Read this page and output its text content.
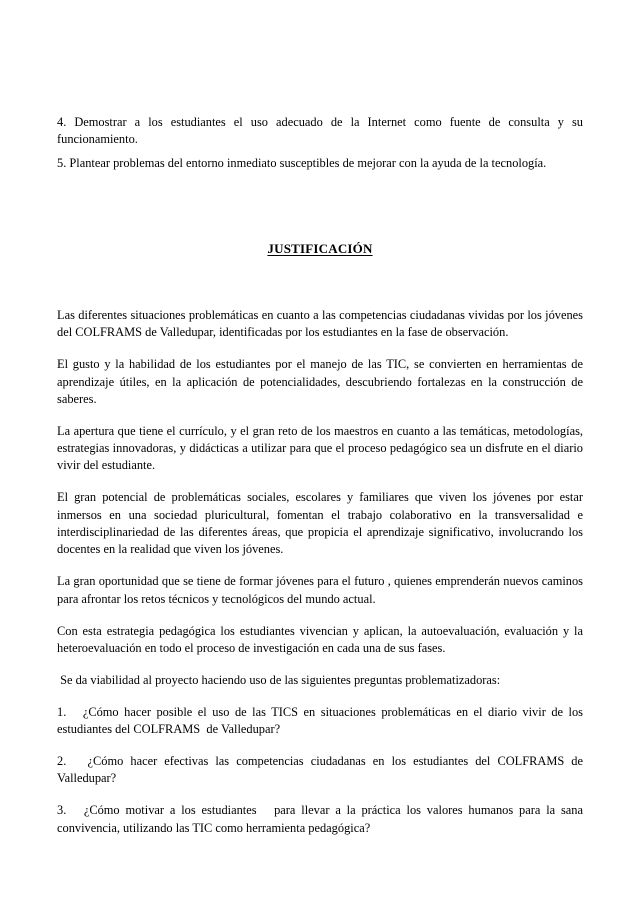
4. Demostrar a los estudiantes el uso adecuado de la Internet como fuente de consulta y su funcionamiento.

5. Plantear problemas del entorno inmediato susceptibles de mejorar con la ayuda de la tecnología.

JUSTIFICACIÓN

Las diferentes situaciones problemáticas en cuanto a las competencias ciudadanas vividas por los jóvenes del COLFRAMS de Valledupar, identificadas por los estudiantes en la fase de observación.

El gusto y la habilidad de los estudiantes por el manejo de las TIC, se convierten en herramientas de aprendizaje útiles, en la aplicación de potencialidades, descubriendo fortalezas en la construcción de saberes.

La apertura que tiene el currículo, y el gran reto de los maestros en cuanto a las temáticas, metodologías, estrategias innovadoras, y didácticas a utilizar para que el proceso pedagógico sea un disfrute en el diario vivir del estudiante.

El gran potencial de problemáticas sociales, escolares y familiares que viven los jóvenes por estar inmersos en una sociedad pluricultural, fomentan el trabajo colaborativo en la transversalidad e interdisciplinariedad de las diferentes áreas, que propicia el aprendizaje significativo, involucrando los docentes en la realidad que viven los jóvenes.

La gran oportunidad que se tiene de formar jóvenes para el futuro , quienes emprenderán nuevos caminos para afrontar los retos técnicos y tecnológicos del mundo actual.

Con esta estrategia pedagógica los estudiantes vivencian y aplican, la autoevaluación, evaluación y la heteroevaluación en todo el proceso de investigación en cada una de sus fases.

Se da viabilidad al proyecto haciendo uso de las siguientes preguntas problematizadoras:

1.   ¿Cómo hacer posible el uso de las TICS en situaciones problemáticas en el diario vivir de los estudiantes del COLFRAMS  de Valledupar?

2.   ¿Cómo hacer efectivas las competencias ciudadanas en los estudiantes del COLFRAMS de Valledupar?

3.   ¿Cómo motivar a los estudiantes   para llevar a la práctica los valores humanos para la sana convivencia, utilizando las TIC como herramienta pedagógica?
